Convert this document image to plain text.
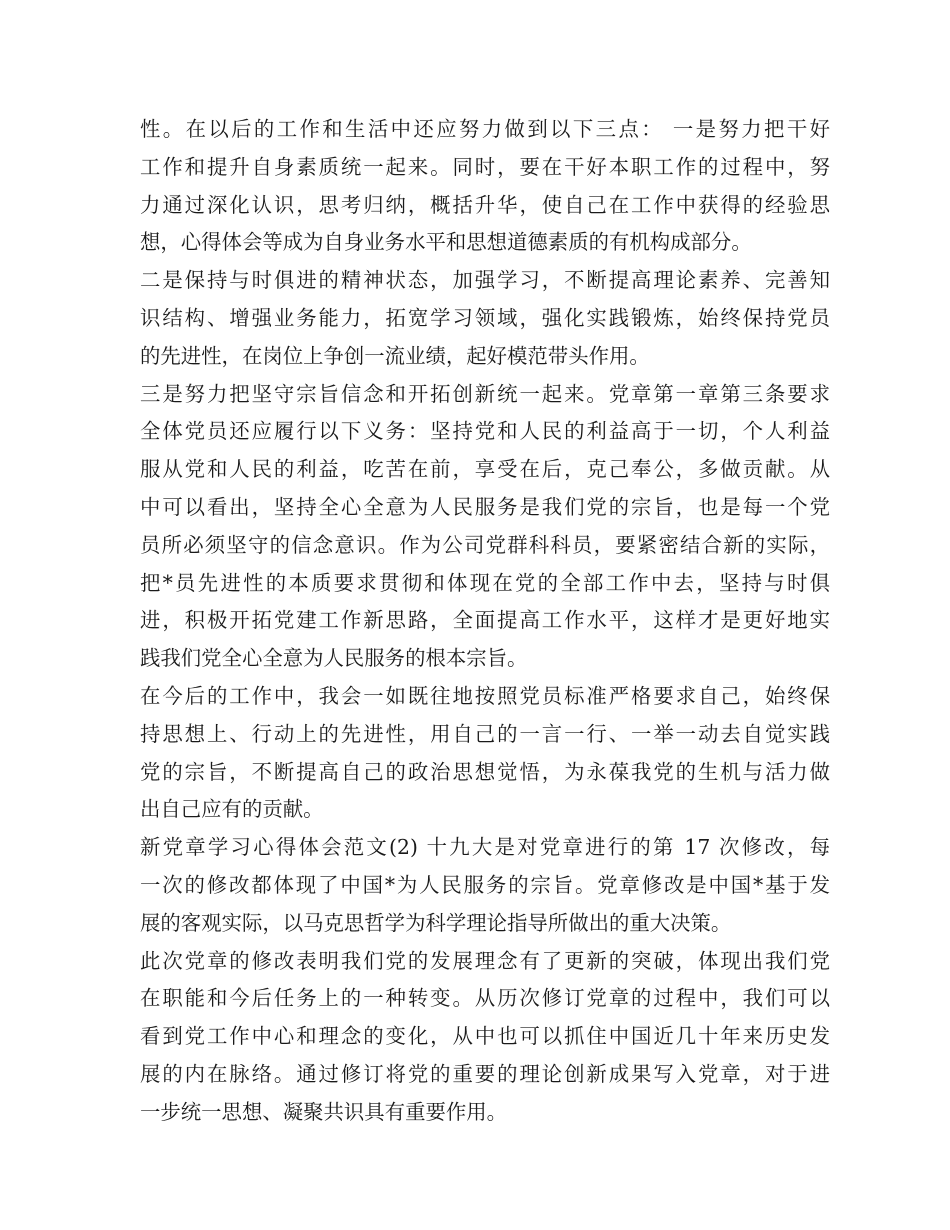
性。在以后的工作和生活中还应努力做到以下三点： 一是努力把干好
工作和提升自身素质统一起来。同时，要在干好本职工作的过程中，努
力通过深化认识，思考归纳，概括升华，使自己在工作中获得的经验思
想，心得体会等成为自身业务水平和思想道德素质的有机构成部分。
二是保持与时俱进的精神状态，加强学习，不断提高理论素养、完善知
识结构、增强业务能力，拓宽学习领域，强化实践锻炼，始终保持党员
的先进性，在岗位上争创一流业绩，起好模范带头作用。
三是努力把坚守宗旨信念和开拓创新统一起来。党章第一章第三条要求
全体党员还应履行以下义务：坚持党和人民的利益高于一切，个人利益
服从党和人民的利益，吃苦在前，享受在后，克己奉公，多做贡献。从
中可以看出，坚持全心全意为人民服务是我们党的宗旨，也是每一个党
员所必须坚守的信念意识。作为公司党群科科员，要紧密结合新的实际，
把*员先进性的本质要求贯彻和体现在党的全部工作中去，坚持与时俱
进，积极开拓党建工作新思路，全面提高工作水平，这样才是更好地实
践我们党全心全意为人民服务的根本宗旨。
在今后的工作中，我会一如既往地按照党员标准严格要求自己，始终保
持思想上、行动上的先进性，用自己的一言一行、一举一动去自觉实践
党的宗旨，不断提高自己的政治思想觉悟，为永葆我党的生机与活力做
出自己应有的贡献。
新党章学习心得体会范文(2) 十九大是对党章进行的第 17 次修改，每
一次的修改都体现了中国*为人民服务的宗旨。党章修改是中国*基于发
展的客观实际，以马克思哲学为科学理论指导所做出的重大决策。
此次党章的修改表明我们党的发展理念有了更新的突破，体现出我们党
在职能和今后任务上的一种转变。从历次修订党章的过程中，我们可以
看到党工作中心和理念的变化，从中也可以抓住中国近几十年来历史发
展的内在脉络。通过修订将党的重要的理论创新成果写入党章，对于进
一步统一思想、凝聚共识具有重要作用。
